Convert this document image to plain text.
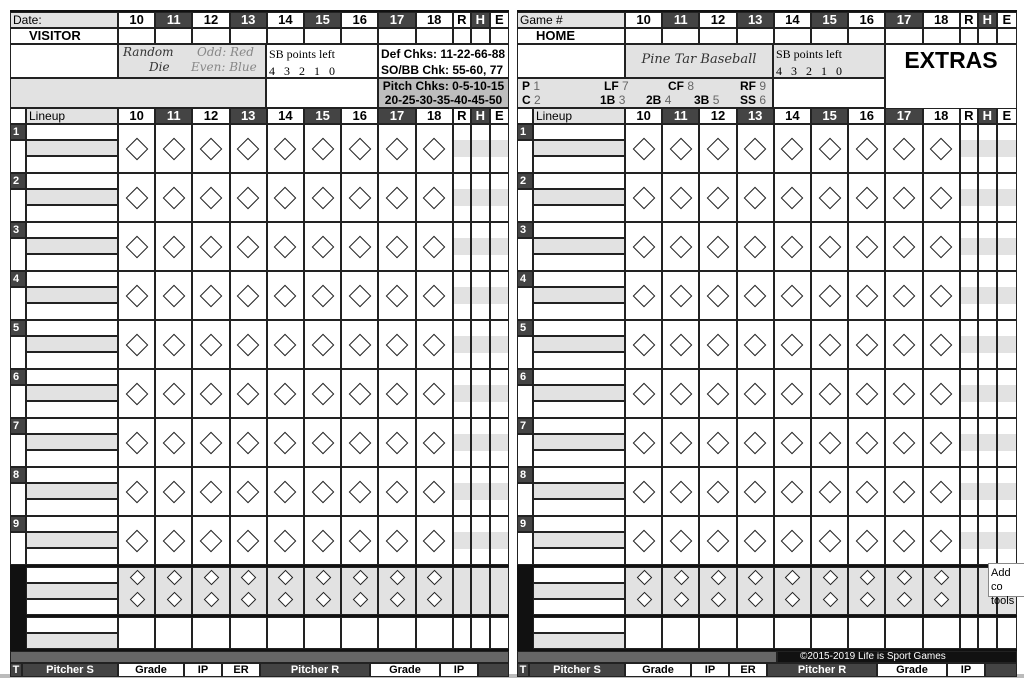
Date:	10	11	12	13	14	15	16	17	18	R H E
VISITOR
Random
Die
Odd: Red
Even: Blue
SB points left
4   3   2   1   0
Def Chks: 11-22-66-88
SO/BB Chk: 55-60, 77
Pitch Chks: 0-5-10-15
20-25-30-35-40-45-50
Lineup	10	11	12	13	14	15	16	17	18	R H E
1
2
3
4
5
6
7
8
9
T	Pitcher S	Grade	IP	ER	Pitcher R	Grade	IP
Game #	10	11	12	13	14	15	16	17	18	R H E
HOME
Pine Tar Baseball	SB points left
4   3   2   1   0	EXTRAS
P 1	LF 7	CF 8	RF 9
C 2	1B 3 2B 4 3B 5 SS 6
Lineup	10	11	12	13	14	15	16	17	18	R H E
1
2
3
4
5
6
7
8
9
©2015-2019 Life is Sport Games
T	Pitcher S	Grade	IP	ER	Pitcher R	Grade	IP
Add co tools
